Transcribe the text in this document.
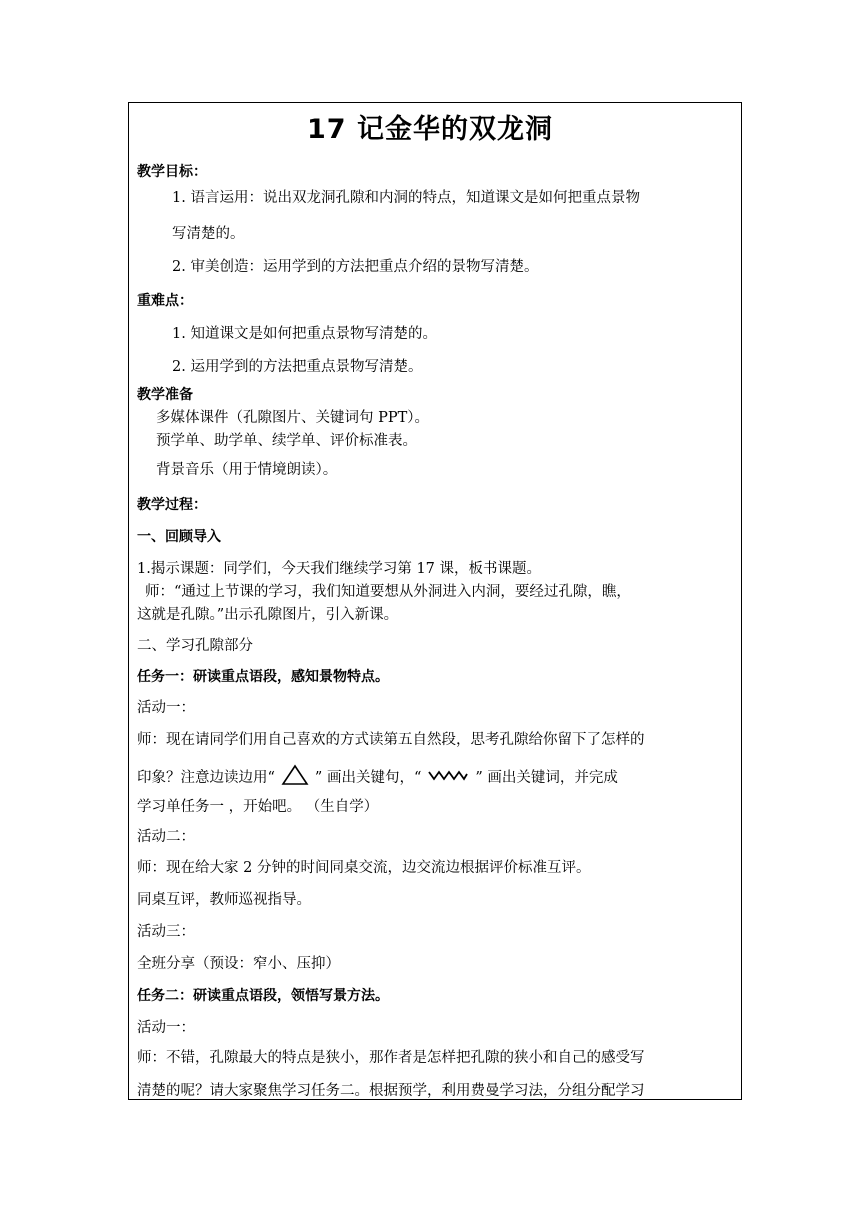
17 记金华的双龙洞
教学目标：
1. 语言运用：说出双龙洞孔隙和内洞的特点，知道课文是如何把重点景物
写清楚的。
2. 审美创造：运用学到的方法把重点介绍的景物写清楚。
重难点：
1. 知道课文是如何把重点景物写清楚的。
2. 运用学到的方法把重点景物写清楚。
教学准备
多媒体课件（孔隙图片、关键词句 PPT）。
预学单、助学单、续学单、评价标准表。
背景音乐（用于情境朗读）。
教学过程：
一、回顾导入
1.揭示课题：同学们，今天我们继续学习第 17 课，板书课题。
师：“通过上节课的学习，我们知道要想从外洞进入内洞，要经过孔隙，瞧，
这就是孔隙。”出示孔隙图片，引入新课。
二、学习孔隙部分
任务一：研读重点语段，感知景物特点。
活动一：
师：现在请同学们用自己喜欢的方式读第五自然段，思考孔隙给你留下了怎样的
印象？注意边读边用“	” 画出关键句，“	” 画出关键词，并完成
学习单任务一 ，开始吧。 （生自学）
活动二：
师：现在给大家 2 分钟的时间同桌交流，边交流边根据评价标准互评。
同桌互评，教师巡视指导。
活动三：
全班分享（预设：窄小、压抑）
任务二：研读重点语段，领悟写景方法。
活动一：
师：不错，孔隙最大的特点是狭小，那作者是怎样把孔隙的狭小和自己的感受写
清楚的呢？请大家聚焦学习任务二。根据预学，利用费曼学习法，分组分配学习
